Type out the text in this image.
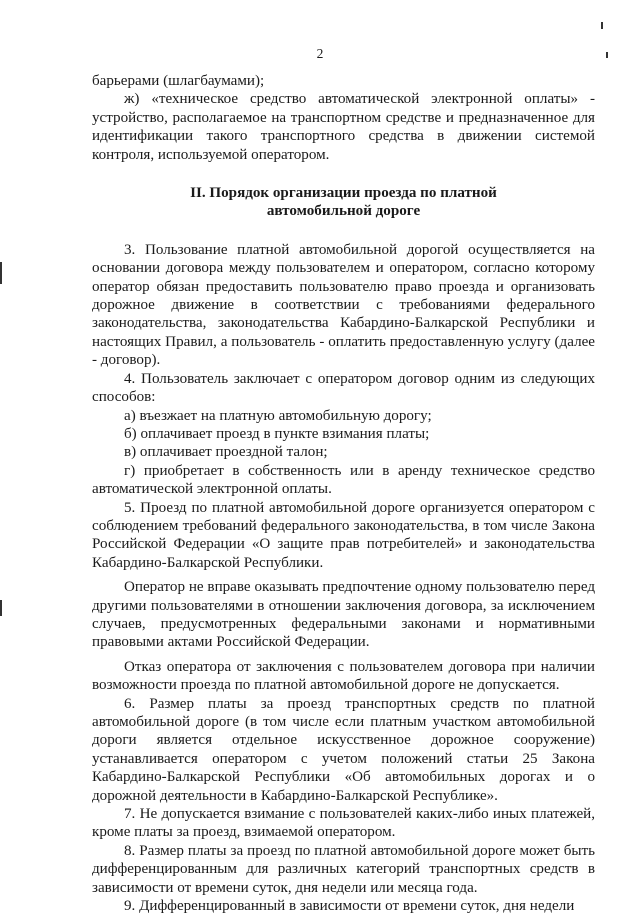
2

барьерами (шлагбаумами);

ж) «техническое средство автоматической электронной оплаты» - устройство, располагаемое на транспортном средстве и предназначенное для идентификации такого транспортного средства в движении системой контроля, используемой оператором.

II. Порядок организации проезда по платной
автомобильной дороге

3. Пользование платной автомобильной дорогой осуществляется на основании договора между пользователем и оператором, согласно которому оператор обязан предоставить пользователю право проезда и организовать дорожное движение в соответствии с требованиями федерального законодательства, законодательства Кабардино-Балкарской Республики и настоящих Правил, а пользователь - оплатить предоставленную услугу (далее - договор).

4. Пользователь заключает с оператором договор одним из следующих способов:

а) въезжает на платную автомобильную дорогу;

б) оплачивает проезд в пункте взимания платы;

в) оплачивает проездной талон;

г) приобретает в собственность или в аренду техническое средство автоматической электронной оплаты.

5. Проезд по платной автомобильной дороге организуется оператором с соблюдением требований федерального законодательства, в том числе Закона Российской Федерации «О защите прав потребителей» и законодательства Кабардино-Балкарской Республики.

Оператор не вправе оказывать предпочтение одному пользователю перед другими пользователями в отношении заключения договора, за исключением случаев, предусмотренных федеральными законами и нормативными правовыми актами Российской Федерации.

Отказ оператора от заключения с пользователем договора при наличии возможности проезда по платной автомобильной дороге не допускается.

6. Размер платы за проезд транспортных средств по платной автомобильной дороге (в том числе если платным участком автомобильной дороги является отдельное искусственное дорожное сооружение) устанавливается оператором с учетом положений статьи 25 Закона Кабардино-Балкарской Республики «Об автомобильных дорогах и о дорожной деятельности в Кабардино-Балкарской Республике».

7. Не допускается взимание с пользователей каких-либо иных платежей, кроме платы за проезд, взимаемой оператором.

8. Размер платы за проезд по платной автомобильной дороге может быть дифференцированным для различных категорий транспортных средств в зависимости от времени суток, дня недели или месяца года.

9. Дифференцированный в зависимости от времени суток, дня недели
